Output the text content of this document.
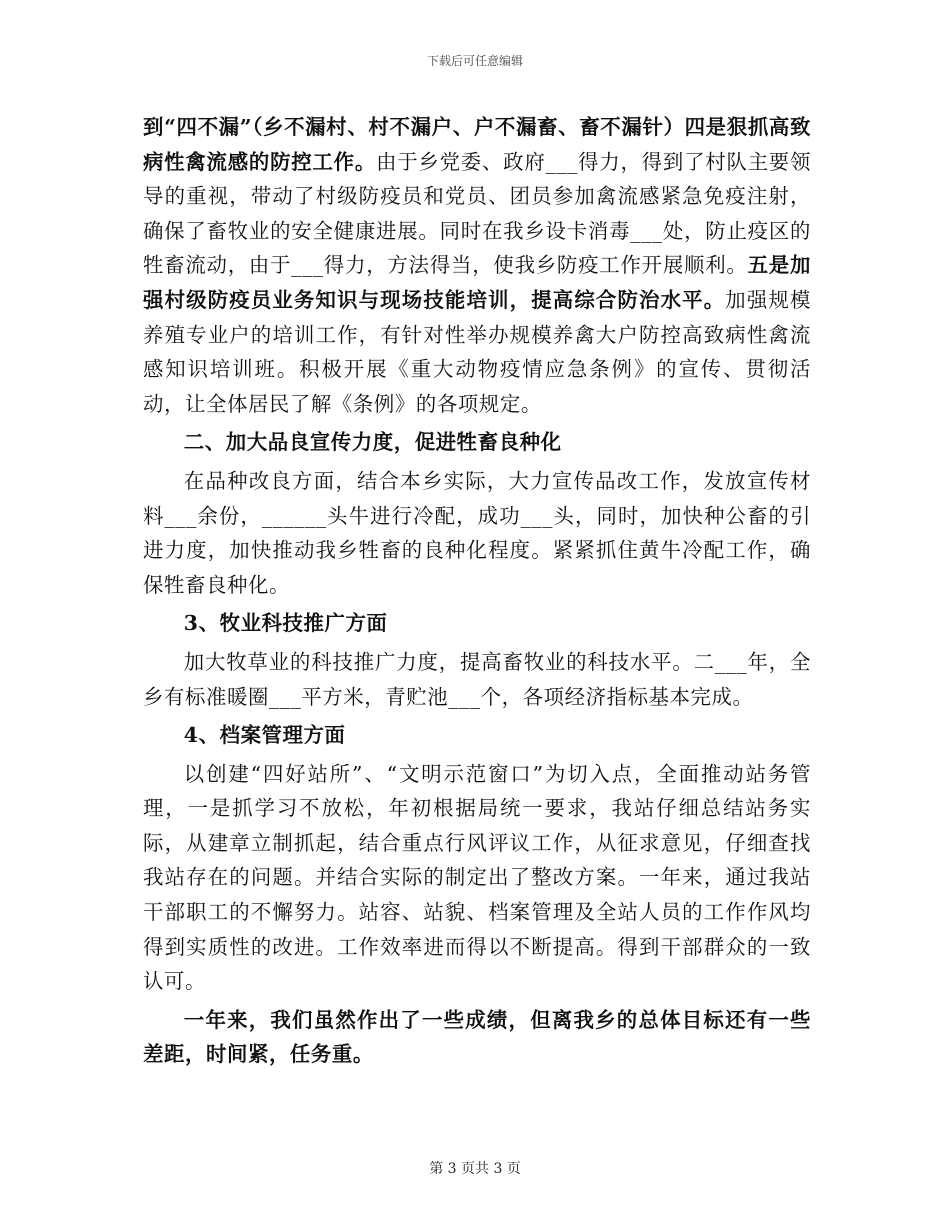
下载后可任意编辑

到“四不漏”（乡不漏村、村不漏户、户不漏畜、畜不漏针）四是狠抓高致病性禽流感的防控工作。由于乡党委、政府___得力，得到了村队主要领导的重视，带动了村级防疫员和党员、团员参加禽流感紧急免疫注射，确保了畜牧业的安全健康进展。同时在我乡设卡消毒___处，防止疫区的牲畜流动，由于___得力，方法得当，使我乡防疫工作开展顺利。五是加强村级防疫员业务知识与现场技能培训，提高综合防治水平。加强规模养殖专业户的培训工作，有针对性举办规模养禽大户防控高致病性禽流感知识培训班。积极开展《重大动物疫情应急条例》的宣传、贯彻活动，让全体居民了解《条例》的各项规定。

二、加大品良宣传力度，促进牲畜良种化

在品种改良方面，结合本乡实际，大力宣传品改工作，发放宣传材料___余份，______头牛进行冷配，成功___头，同时，加快种公畜的引进力度，加快推动我乡牲畜的良种化程度。紧紧抓住黄牛冷配工作，确保牲畜良种化。

3、牧业科技推广方面

加大牧草业的科技推广力度，提高畜牧业的科技水平。二___年，全乡有标准暖圈___平方米，青贮池___个，各项经济指标基本完成。

4、档案管理方面

以创建“四好站所”、“文明示范窗口”为切入点，全面推动站务管理，一是抓学习不放松，年初根据局统一要求，我站仔细总结站务实际，从建章立制抓起，结合重点行风评议工作，从征求意见，仔细查找我站存在的问题。并结合实际的制定出了整改方案。一年来，通过我站干部职工的不懈努力。站容、站貌、档案管理及全站人员的工作作风均得到实质性的改进。工作效率进而得以不断提高。得到干部群众的一致认可。

一年来，我们虽然作出了一些成绩，但离我乡的总体目标还有一些差距，时间紧，任务重。

第 3 页共 3 页
